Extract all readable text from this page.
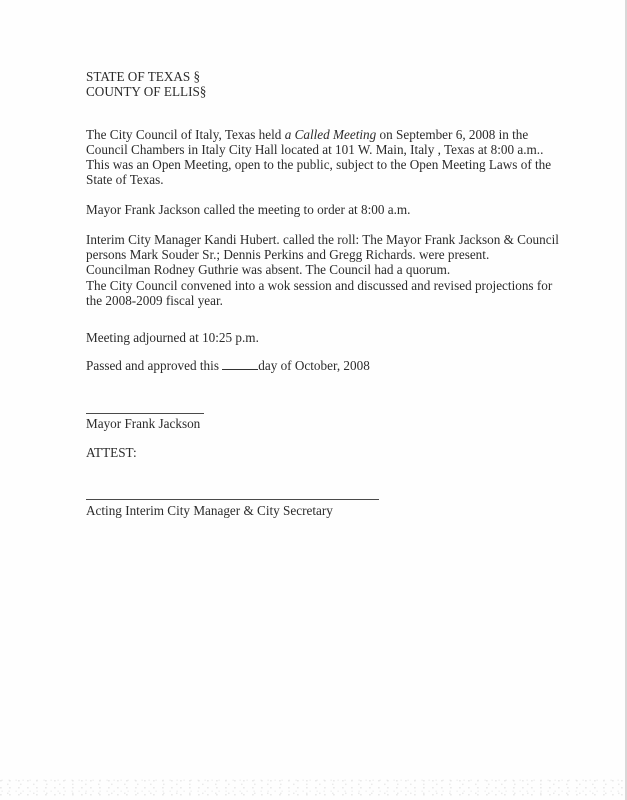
STATE OF TEXAS §
COUNTY OF ELLIS§

The City Council of Italy, Texas held a Called Meeting on September 6, 2008 in the

Council Chambers in Italy City Hall located at 101 W. Main, Italy , Texas at 8:00 a.m..

This was an Open Meeting, open to the public, subject to the Open Meeting Laws of the

State of Texas.

Mayor Frank Jackson called the meeting to order at 8:00 a.m.

Interim City Manager Kandi Hubert. called the roll: The Mayor Frank Jackson & Council

persons Mark Souder Sr.; Dennis Perkins and Gregg Richards. were present.

Councilman Rodney Guthrie was absent. The Council had a quorum.

The City Council convened into a wok session and discussed and revised projections for

the 2008-2009 fiscal year.

Meeting adjourned at 10:25 p.m.
Passed and approved this	day of October, 2008
Mayor Frank Jackson
ATTEST:
Acting Interim City Manager & City Secretary
